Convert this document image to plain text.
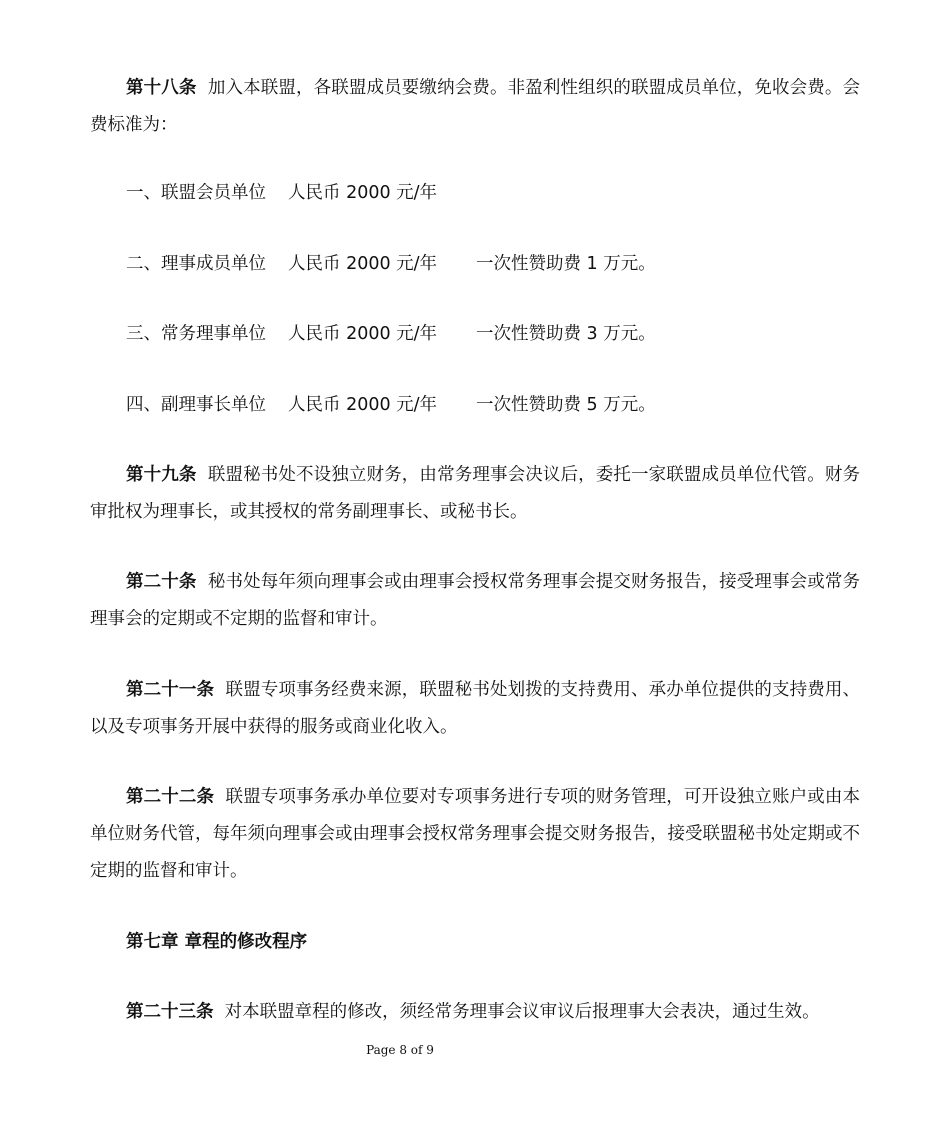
第十八条 加入本联盟，各联盟成员要缴纳会费。非盈利性组织的联盟成员单位，免收会费。会费标准为：

一、联盟会员单位 人民币 2000 元/年
二、理事成员单位 人民币 2000 元/年 一次性赞助费 1 万元。
三、常务理事单位 人民币 2000 元/年 一次性赞助费 3 万元。
四、副理事长单位 人民币 2000 元/年 一次性赞助费 5 万元。

第十九条 联盟秘书处不设独立财务，由常务理事会决议后，委托一家联盟成员单位代管。财务审批权为理事长，或其授权的常务副理事长、或秘书长。

第二十条 秘书处每年须向理事会或由理事会授权常务理事会提交财务报告，接受理事会或常务理事会的定期或不定期的监督和审计。

第二十一条 联盟专项事务经费来源，联盟秘书处划拨的支持费用、承办单位提供的支持费用、以及专项事务开展中获得的服务或商业化收入。

第二十二条 联盟专项事务承办单位要对专项事务进行专项的财务管理，可开设独立账户或由本单位财务代管，每年须向理事会或由理事会授权常务理事会提交财务报告，接受联盟秘书处定期或不定期的监督和审计。

第七章 章程的修改程序

第二十三条 对本联盟章程的修改，须经常务理事会议审议后报理事大会表决，通过生效。

Page 8 of 9
